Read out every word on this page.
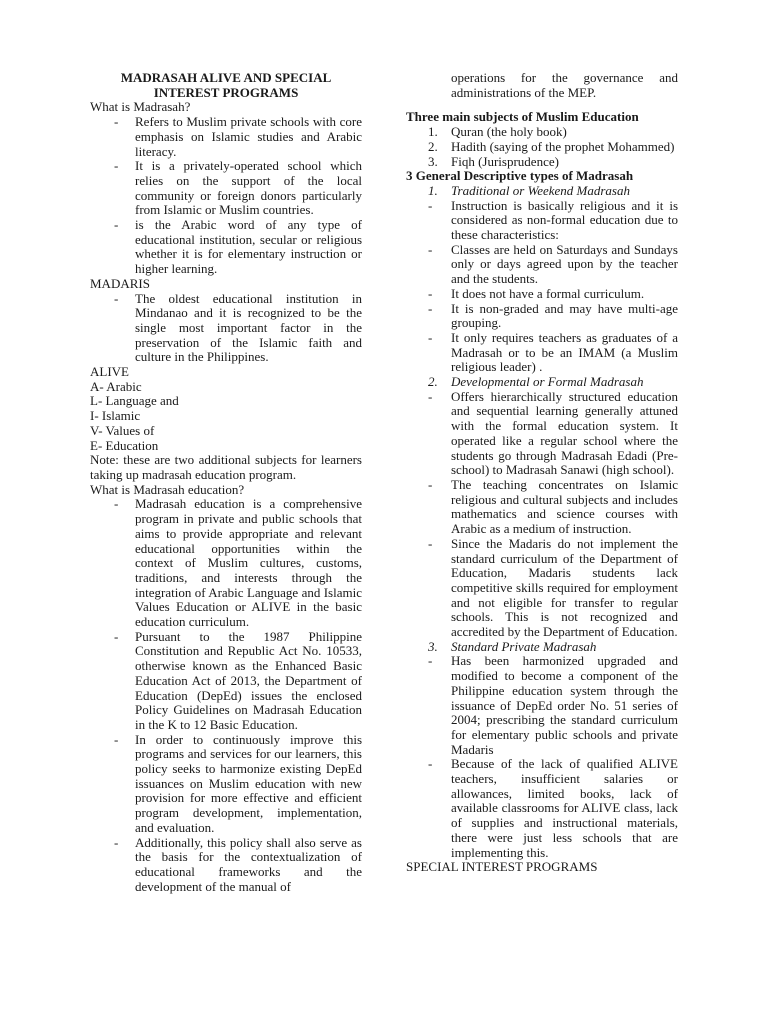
MADRASAH ALIVE AND SPECIAL
INTEREST PROGRAMS

What is Madrasah?

- Refers to Muslim private schools with core emphasis on Islamic studies and Arabic literacy.
- It is a privately-operated school which relies on the support of the local community or foreign donors particularly from Islamic or Muslim countries.
- is the Arabic word of any type of educational institution, secular or religious whether it is for elementary instruction or higher learning.

MADARIS

- The oldest educational institution in Mindanao and it is recognized to be the single most important factor in the preservation of the Islamic faith and culture in the Philippines.

ALIVE

A- Arabic

L- Language and

I- Islamic

V- Values of

E- Education

Note: these are two additional subjects for learners taking up madrasah education program.

What is Madrasah education?

- Madrasah education is a comprehensive program in private and public schools that aims to provide appropriate and relevant educational opportunities within the context of Muslim cultures, customs, traditions, and interests through the integration of Arabic Language and Islamic Values Education or ALIVE in the basic education curriculum.
- Pursuant to the 1987 Philippine Constitution and Republic Act No. 10533, otherwise known as the Enhanced Basic Education Act of 2013, the Department of Education (DepEd) issues the enclosed Policy Guidelines on Madrasah Education in the K to 12 Basic Education.
- In order to continuously improve this programs and services for our learners, this policy seeks to harmonize existing DepEd issuances on Muslim education with new provision for more effective and efficient program development, implementation, and evaluation.
- Additionally, this policy shall also serve as the basis for the contextualization of educational frameworks and the development of the manual of
operations for the governance and administrations of the MEP.

Three main subjects of Muslim Education

1. Quran (the holy book)
2. Hadith (saying of the prophet Mohammed)
3. Fiqh (Jurisprudence)

3 General Descriptive types of Madrasah

1. Traditional or Weekend Madrasah
- Instruction is basically religious and it is considered as non-formal education due to these characteristics:
- Classes are held on Saturdays and Sundays only or days agreed upon by the teacher and the students.
- It does not have a formal curriculum.
- It is non-graded and may have multi-age grouping.
- It only requires teachers as graduates of a Madrasah or to be an IMAM (a Muslim religious leader) .
2. Developmental or Formal Madrasah
- Offers hierarchically structured education and sequential learning generally attuned with the formal education system. It operated like a regular school where the students go through Madrasah Edadi (Pre-school) to Madrasah Sanawi (high school).
- The teaching concentrates on Islamic religious and cultural subjects and includes mathematics and science courses with Arabic as a medium of instruction.
- Since the Madaris do not implement the standard curriculum of the Department of Education, Madaris students lack competitive skills required for employment and not eligible for transfer to regular schools. This is not recognized and accredited by the Department of Education.
3. Standard Private Madrasah
- Has been harmonized upgraded and modified to become a component of the Philippine education system through the issuance of DepEd order No. 51 series of 2004; prescribing the standard curriculum for elementary public schools and private Madaris
- Because of the lack of qualified ALIVE teachers, insufficient salaries or allowances, limited books, lack of available classrooms for ALIVE class, lack of supplies and instructional materials, there were just less schools that are implementing this.

SPECIAL INTEREST PROGRAMS
